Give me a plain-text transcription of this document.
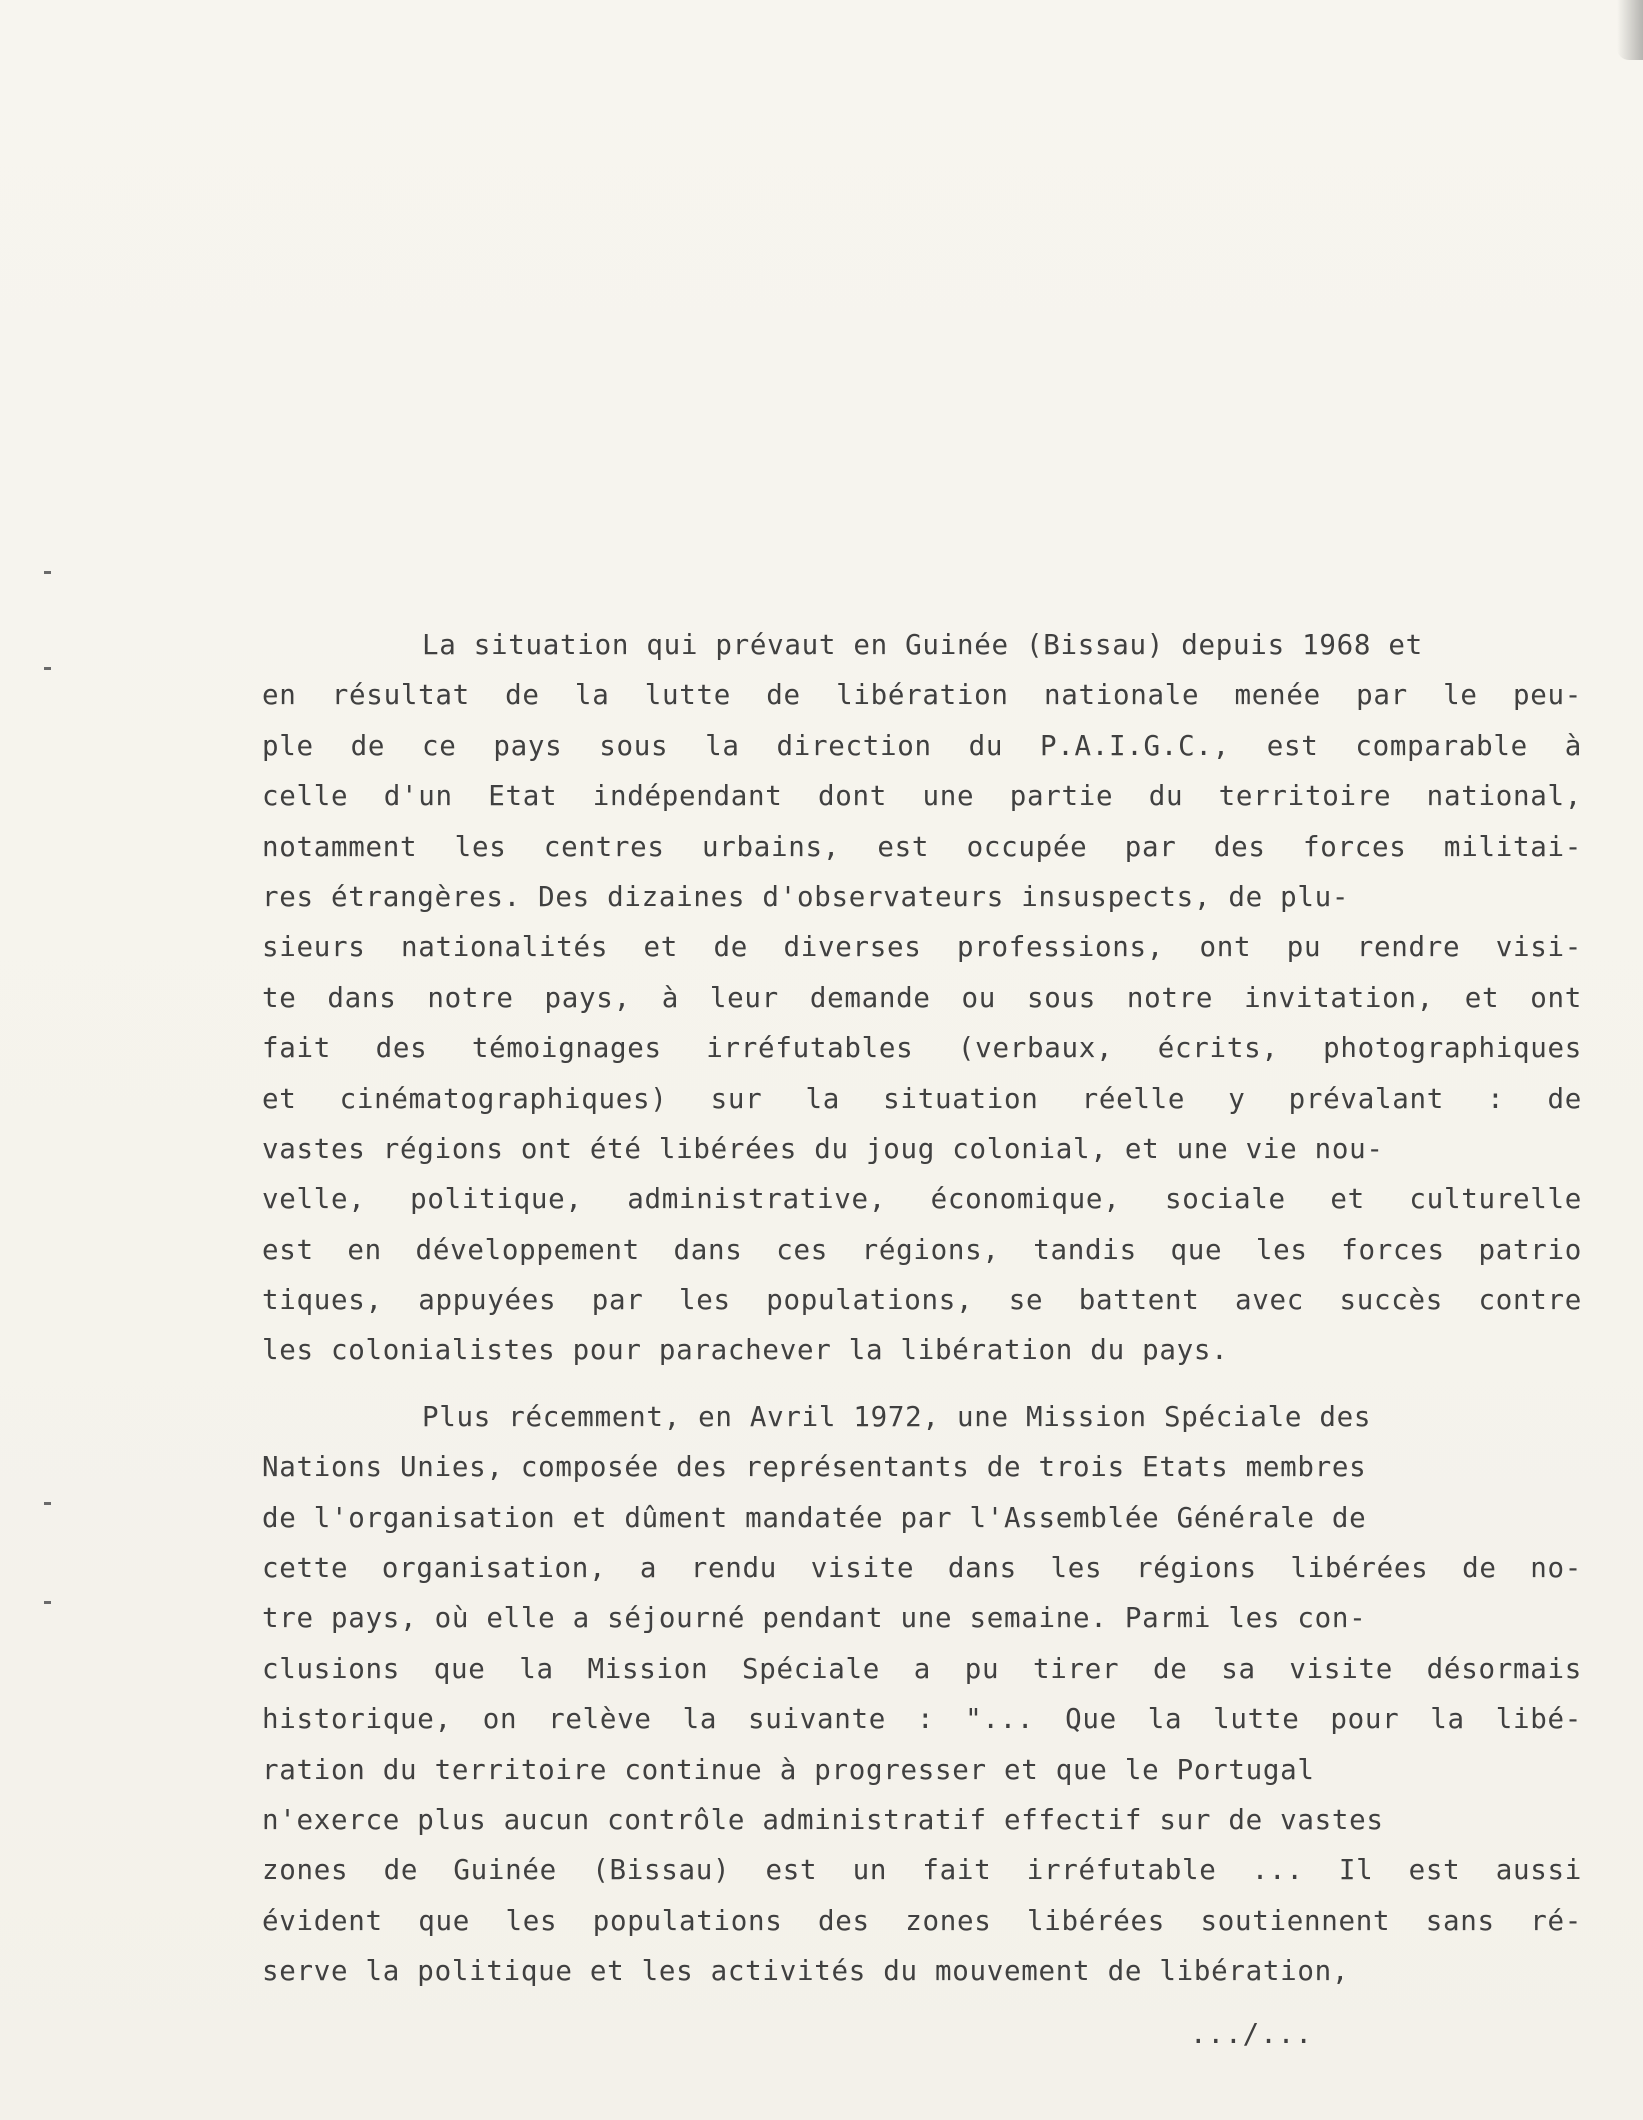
La situation qui prévaut en Guinée (Bissau) depuis 1968 et
en résultat de la lutte de libération nationale menée par le peu-
ple de ce pays sous la direction du P.A.I.G.C., est comparable à
celle d'un Etat indépendant dont une partie du territoire national,
notamment les centres urbains, est occupée par des forces militai-
res étrangères. Des dizaines d'observateurs insuspects, de plu-
sieurs nationalités et de diverses professions, ont pu rendre visi-
te dans notre pays, à leur demande ou sous notre invitation, et ont
fait des témoignages irréfutables (verbaux, écrits, photographiques
et cinématographiques) sur la situation réelle y prévalant : de
vastes régions ont été libérées du joug colonial, et une vie nou-
velle, politique, administrative, économique, sociale et culturelle
est en développement dans ces régions, tandis que les forces patrio
tiques, appuyées par les populations, se battent avec succès contre
les colonialistes pour parachever la libération du pays.
Plus récemment, en Avril 1972, une Mission Spéciale des
Nations Unies, composée des représentants de trois Etats membres
de l'organisation et dûment mandatée par l'Assemblée Générale de
cette organisation, a rendu visite dans les régions libérées de no-
tre pays, où elle a séjourné pendant une semaine. Parmi les con-
clusions que la Mission Spéciale a pu tirer de sa visite désormais
historique, on relève la suivante : "... Que la lutte pour la libé-
ration du territoire continue à progresser et que le Portugal
n'exerce plus aucun contrôle administratif effectif sur de vastes
zones de Guinée (Bissau) est un fait irréfutable ... Il est aussi
évident que les populations des zones libérées soutiennent sans ré-
serve la politique et les activités du mouvement de libération,
.../...
